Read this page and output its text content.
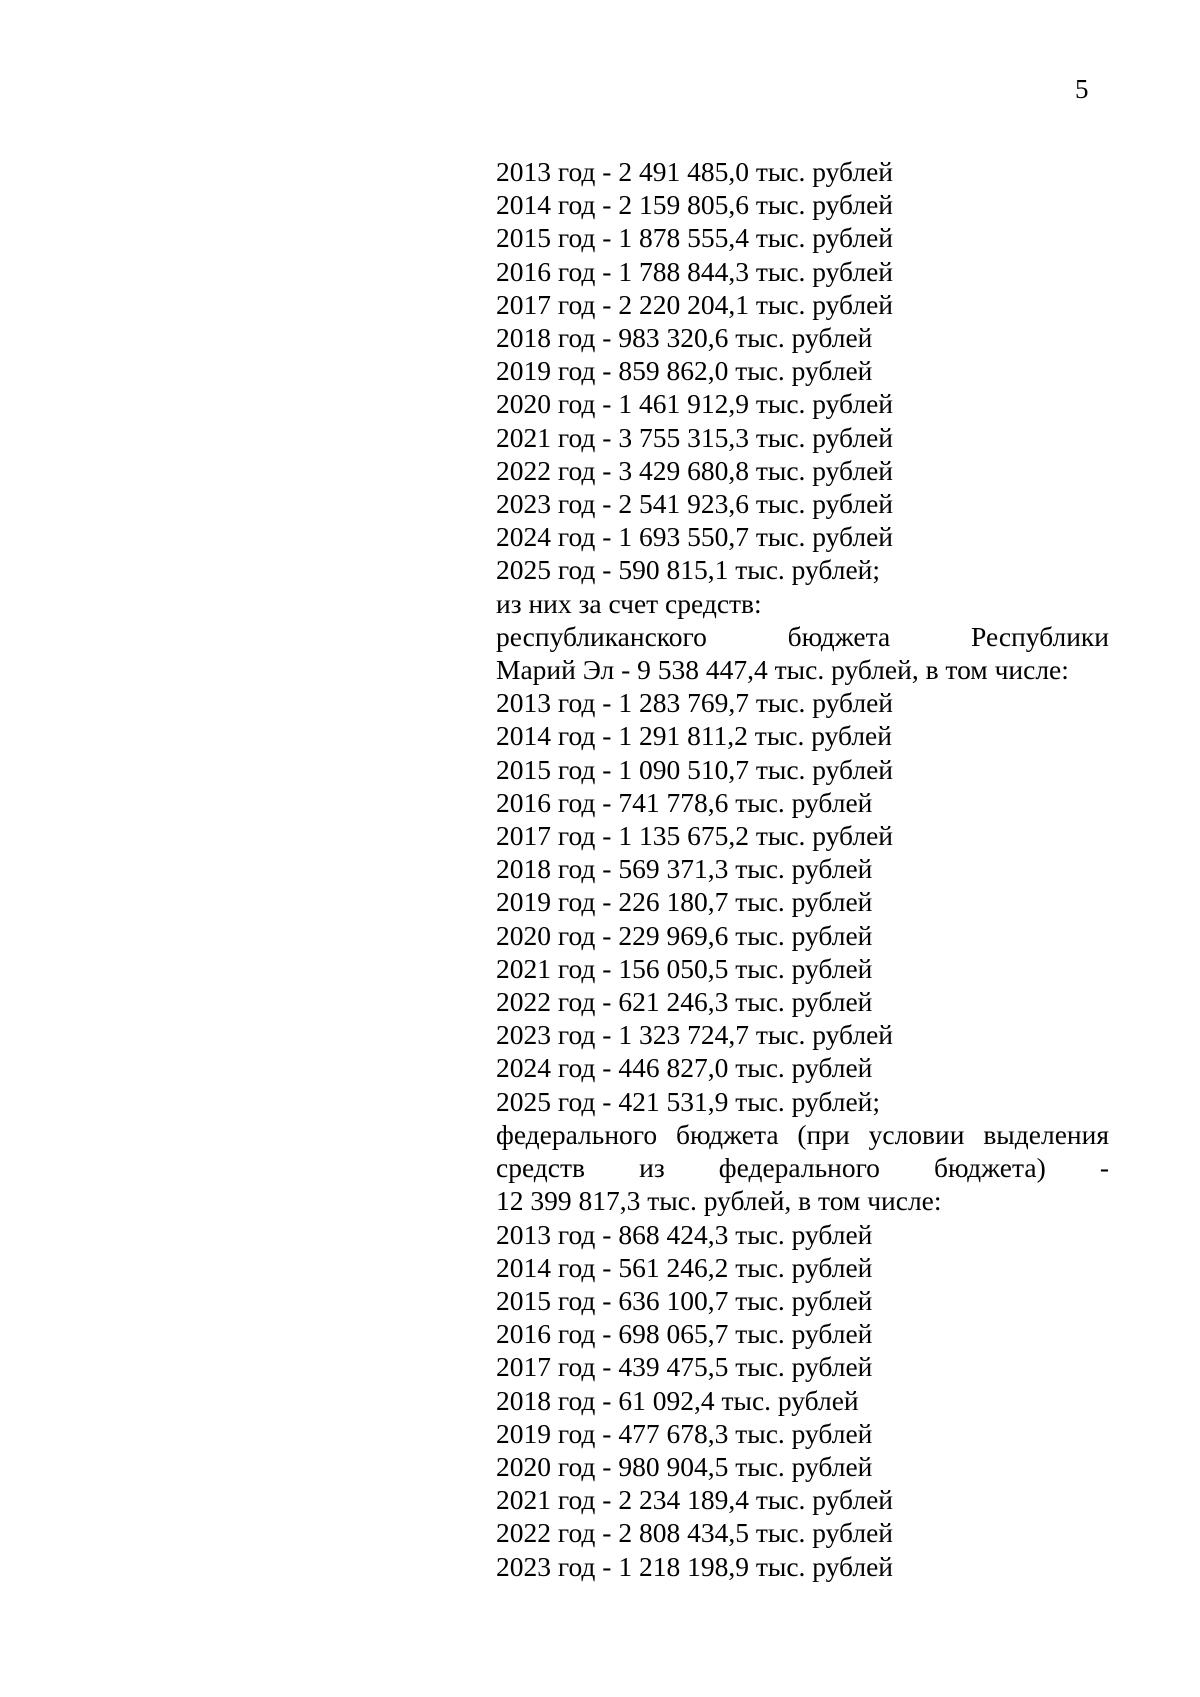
5
2013 год - 2 491 485,0 тыс. рублей
2014 год - 2 159 805,6 тыс. рублей
2015 год - 1 878 555,4 тыс. рублей
2016 год - 1 788 844,3 тыс. рублей
2017 год - 2 220 204,1 тыс. рублей
2018 год - 983 320,6 тыс. рублей
2019 год - 859 862,0 тыс. рублей
2020 год - 1 461 912,9 тыс. рублей
2021 год - 3 755 315,3 тыс. рублей
2022 год - 3 429 680,8 тыс. рублей
2023 год - 2 541 923,6 тыс. рублей
2024 год - 1 693 550,7 тыс. рублей
2025 год - 590 815,1 тыс. рублей;
из них за счет средств:
республиканского бюджета Республики
Марий Эл - 9 538 447,4 тыс. рублей, в том числе:
2013 год - 1 283 769,7 тыс. рублей
2014 год - 1 291 811,2 тыс. рублей
2015 год - 1 090 510,7 тыс. рублей
2016 год - 741 778,6 тыс. рублей
2017 год - 1 135 675,2 тыс. рублей
2018 год - 569 371,3 тыс. рублей
2019 год - 226 180,7 тыс. рублей
2020 год - 229 969,6 тыс. рублей
2021 год - 156 050,5 тыс. рублей
2022 год - 621 246,3 тыс. рублей
2023 год - 1 323 724,7 тыс. рублей
2024 год - 446 827,0 тыс. рублей
2025 год - 421 531,9 тыс. рублей;
федерального бюджета (при условии выделения
средств из федерального бюджета) -
12 399 817,3 тыс. рублей, в том числе:
2013 год - 868 424,3 тыс. рублей
2014 год - 561 246,2 тыс. рублей
2015 год - 636 100,7 тыс. рублей
2016 год - 698 065,7 тыс. рублей
2017 год - 439 475,5 тыс. рублей
2018 год - 61 092,4 тыс. рублей
2019 год - 477 678,3 тыс. рублей
2020 год - 980 904,5 тыс. рублей
2021 год - 2 234 189,4 тыс. рублей
2022 год - 2 808 434,5 тыс. рублей
2023 год - 1 218 198,9 тыс. рублей
